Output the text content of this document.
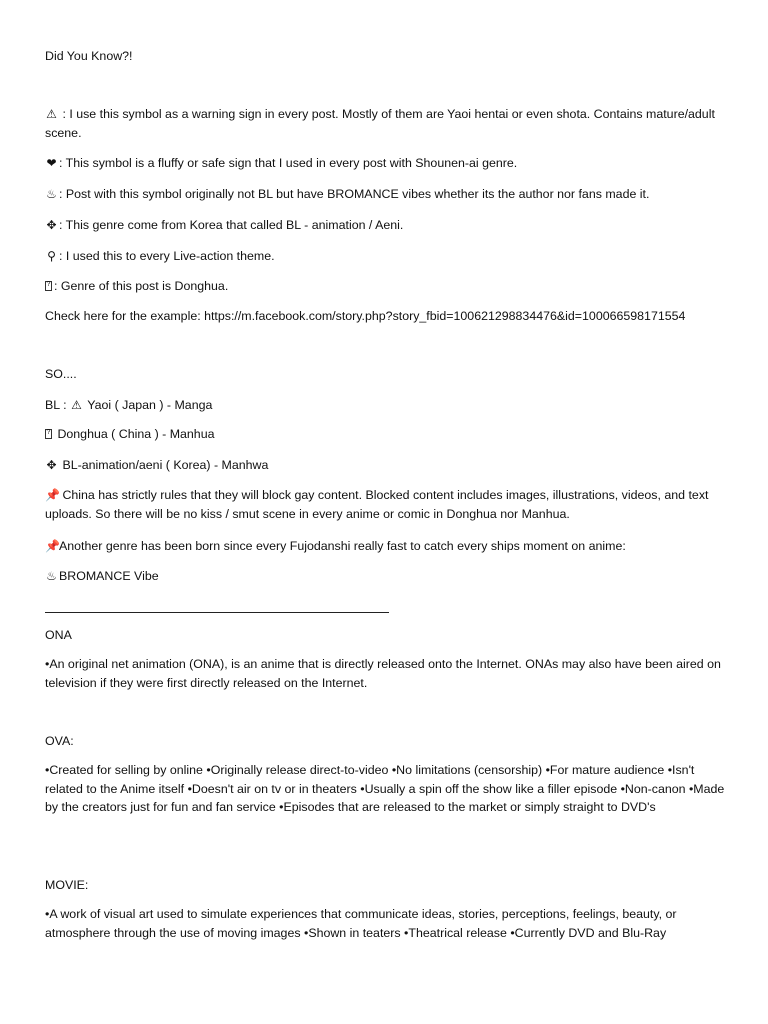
Did You Know?!
⚠ : I use this symbol as a warning sign in every post. Mostly of them are Yaoi hentai or even shota. Contains mature/adult scene.
❤ : This symbol is a fluffy or safe sign that I used in every post with Shounen-ai genre.
♨ : Post with this symbol originally not BL but have BROMANCE vibes whether its the author nor fans made it.
✥ : This genre come from Korea that called BL - animation / Aeni.
⚲ : I used this to every Live-action theme.
?: Genre of this post is Donghua.
Check here for the example: https://m.facebook.com/story.php?story_fbid=100621298834476&id=100066598171554
SO....
BL : ⚠ Yaoi ( Japan ) - Manga
? Donghua ( China ) - Manhua
✥ BL-animation/aeni ( Korea) - Manhwa
📌 China has strictly rules that they will block gay content. Blocked content includes images, illustrations, videos, and text uploads. So there will be no kiss / smut scene in every anime or comic in Donghua nor Manhua.
📌Another genre has been born since every Fujodanshi really fast to catch every ships moment on anime:
♨ BROMANCE Vibe
ONA
•An original net animation (ONA), is an anime that is directly released onto the Internet. ONAs may also have been aired on television if they were first directly released on the Internet.
OVA:
•Created for selling by online •Originally release direct-to-video •No limitations (censorship) •For mature audience •Isn't related to the Anime itself •Doesn't air on tv or in theaters •Usually a spin off the show like a filler episode •Non-canon •Made by the creators just for fun and fan service •Episodes that are released to the market or simply straight to DVD's
MOVIE:
•A work of visual art used to simulate experiences that communicate ideas, stories, perceptions, feelings, beauty, or atmosphere through the use of moving images •Shown in teaters •Theatrical release •Currently DVD and Blu-Ray
